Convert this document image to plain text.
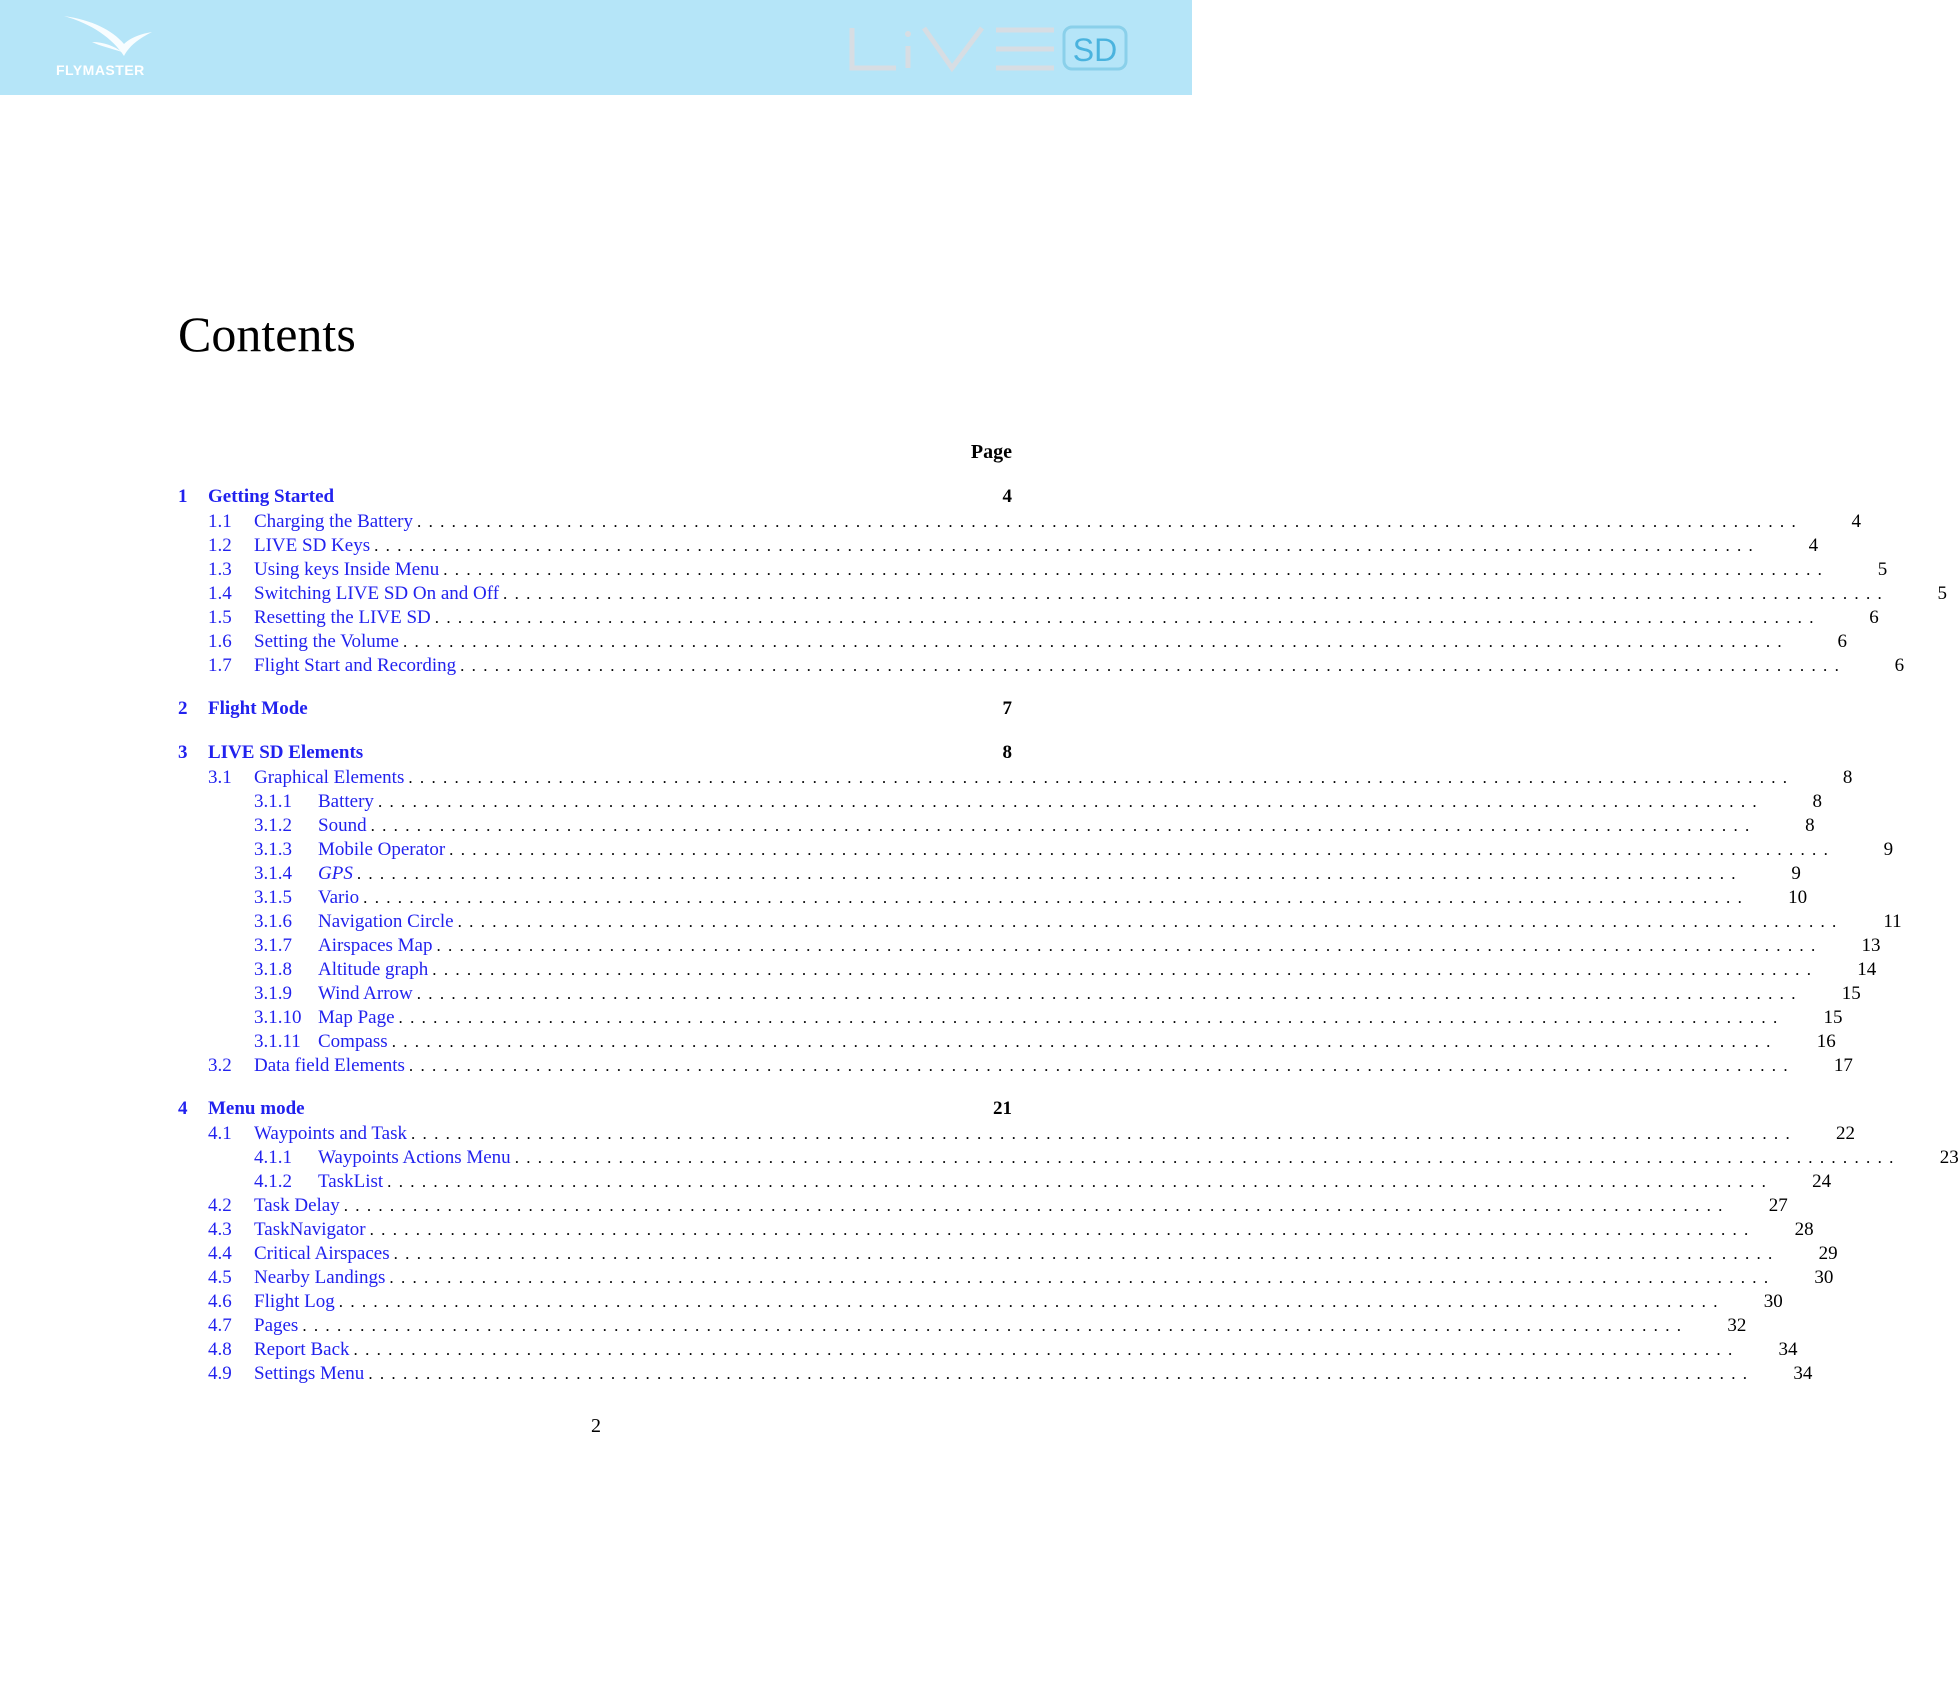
FLYMASTER
SD
Contents
Page
1	Getting Started	4
1.1	Charging the Battery ........................................................................................................................	4
1.2	LIVE SD Keys ........................................................................................................................	4
1.3	Using keys Inside Menu ........................................................................................................................	5
1.4	Switching LIVE SD On and Off ........................................................................................................................	5
1.5	Resetting the LIVE SD ........................................................................................................................	6
1.6	Setting the Volume ........................................................................................................................	6
1.7	Flight Start and Recording ........................................................................................................................	6
2	Flight Mode	7
3	LIVE SD Elements	8
3.1	Graphical Elements ........................................................................................................................	8
3.1.1	Battery ........................................................................................................................	8
3.1.2	Sound ........................................................................................................................	8
3.1.3	Mobile Operator ........................................................................................................................	9
3.1.4	GPS ........................................................................................................................	9
3.1.5	Vario ........................................................................................................................	10
3.1.6	Navigation Circle ........................................................................................................................	11
3.1.7	Airspaces Map ........................................................................................................................	13
3.1.8	Altitude graph ........................................................................................................................	14
3.1.9	Wind Arrow ........................................................................................................................	15
3.1.10 Map Page ........................................................................................................................	15
3.1.11 Compass ........................................................................................................................	16
3.2	Data field Elements ........................................................................................................................	17
4	Menu mode	21
4.1	Waypoints and Task ........................................................................................................................	22
4.1.1	Waypoints Actions Menu ........................................................................................................................	23
4.1.2	TaskList ........................................................................................................................	24
4.2	Task Delay ........................................................................................................................	27
4.3	TaskNavigator ........................................................................................................................	28
4.4	Critical Airspaces ........................................................................................................................	29
4.5	Nearby Landings ........................................................................................................................	30
4.6	Flight Log ........................................................................................................................	30
4.7	Pages ........................................................................................................................	32
4.8	Report Back ........................................................................................................................	34
4.9	Settings Menu ........................................................................................................................	34
2
